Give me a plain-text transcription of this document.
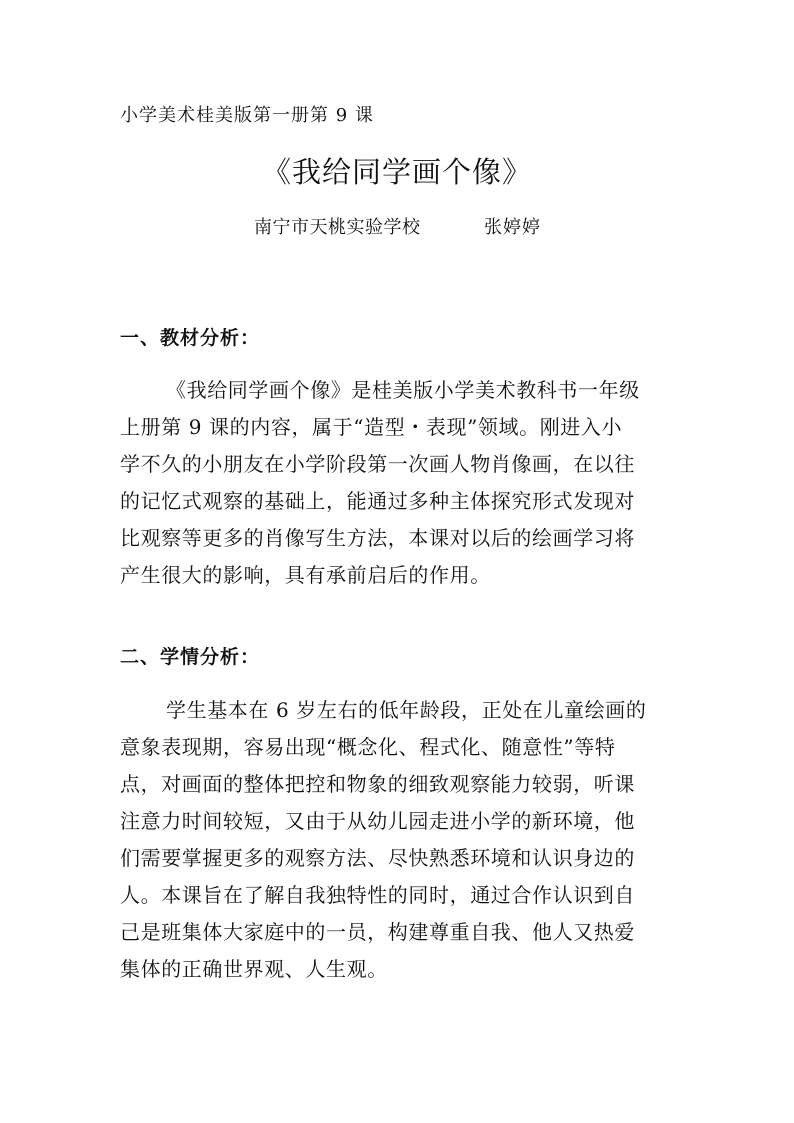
小学美术桂美版第一册第 9 课
《我给同学画个像》
南宁市天桃实验学校	张婷婷
一、教材分析：
《我给同学画个像》是桂美版小学美术教科书一年级
上册第 9 课的内容，属于“造型・表现”领域。刚进入小
学不久的小朋友在小学阶段第一次画人物肖像画，在以往
的记忆式观察的基础上，能通过多种主体探究形式发现对
比观察等更多的肖像写生方法，本课对以后的绘画学习将
产生很大的影响，具有承前启后的作用。
二、学情分析：
学生基本在 6 岁左右的低年龄段，正处在儿童绘画的
意象表现期，容易出现“概念化、程式化、随意性”等特
点，对画面的整体把控和物象的细致观察能力较弱，听课
注意力时间较短，又由于从幼儿园走进小学的新环境，他
们需要掌握更多的观察方法、尽快熟悉环境和认识身边的
人。本课旨在了解自我独特性的同时，通过合作认识到自
己是班集体大家庭中的一员，构建尊重自我、他人又热爱
集体的正确世界观、人生观。
